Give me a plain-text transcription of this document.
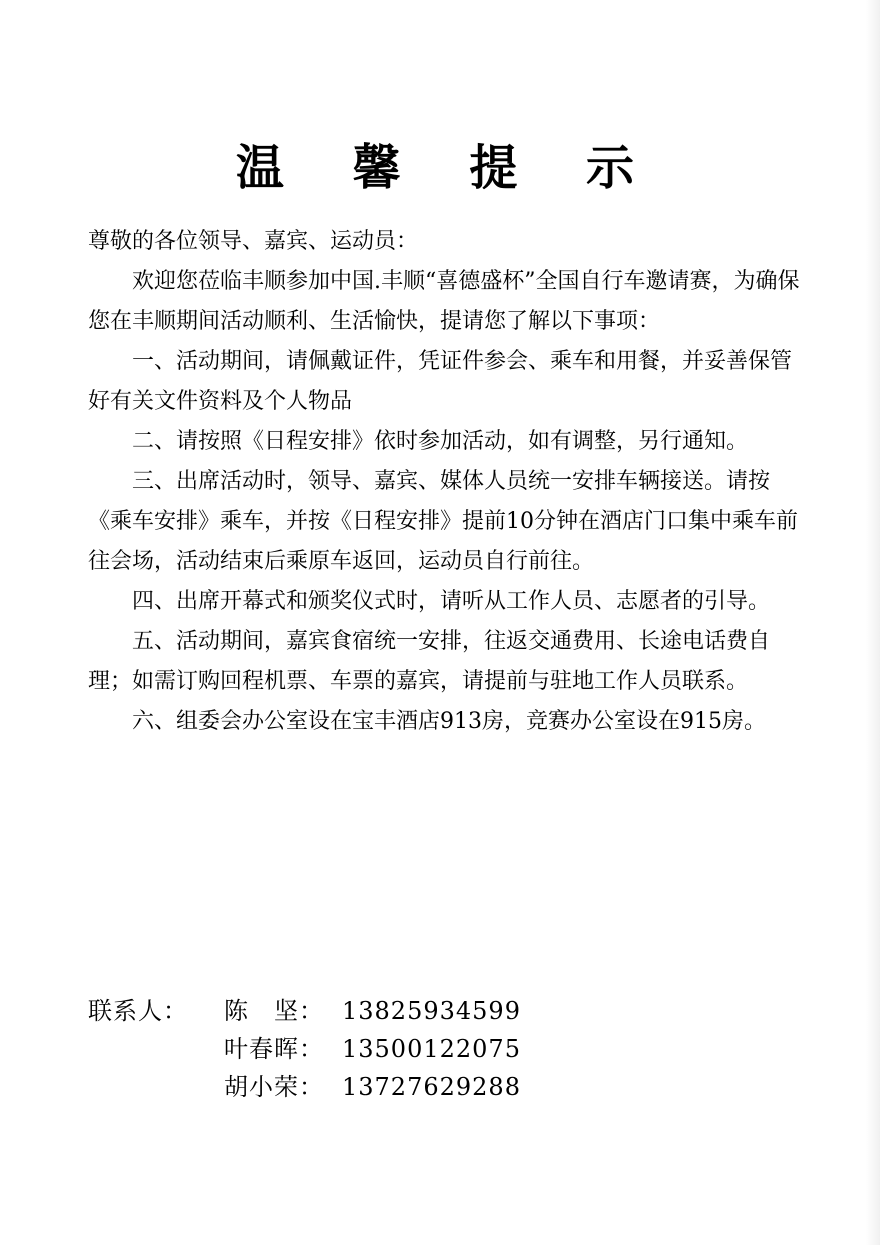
温 馨 提 示

尊敬的各位领导、嘉宾、运动员：

欢迎您莅临丰顺参加中国.丰顺“喜德盛杯”全国自行车邀请赛，为确保您在丰顺期间活动顺利、生活愉快，提请您了解以下事项：

一、活动期间，请佩戴证件，凭证件参会、乘车和用餐，并妥善保管好有关文件资料及个人物品

二、请按照《日程安排》依时参加活动，如有调整，另行通知。

三、出席活动时，领导、嘉宾、媒体人员统一安排车辆接送。请按《乘车安排》乘车，并按《日程安排》提前10分钟在酒店门口集中乘车前往会场，活动结束后乘原车返回，运动员自行前往。

四、出席开幕式和颁奖仪式时，请听从工作人员、志愿者的引导。

五、活动期间，嘉宾食宿统一安排，往返交通费用、长途电话费自理；如需订购回程机票、车票的嘉宾，请提前与驻地工作人员联系。

六、组委会办公室设在宝丰酒店913房，竞赛办公室设在915房。

联系人：	陈　坚： 13825934599
叶春晖： 13500122075
胡小荣： 13727629288
